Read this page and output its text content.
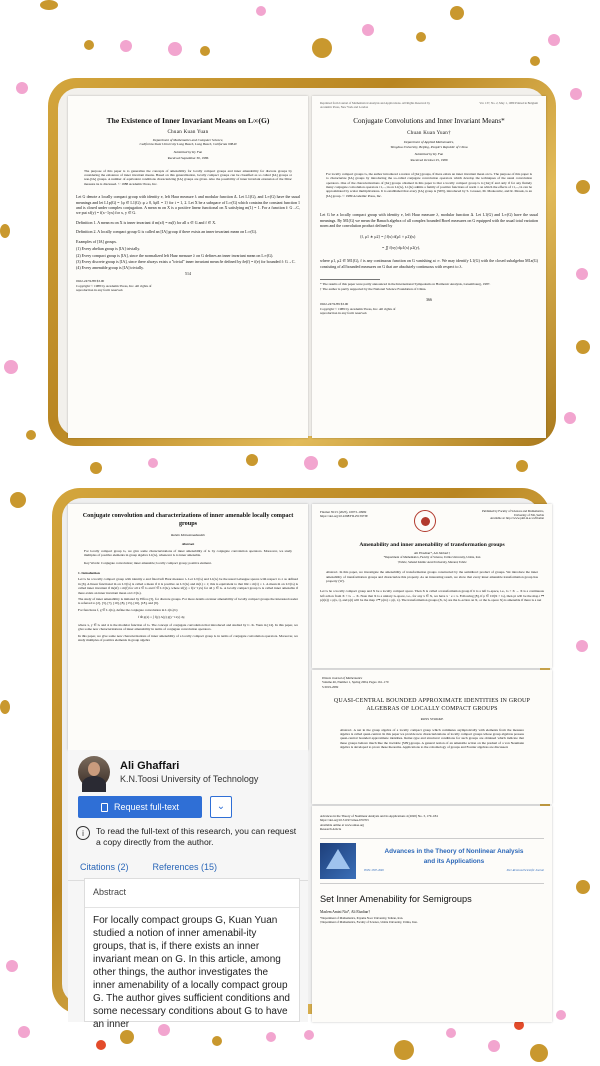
The Existence of Inner Invariant Means on L∞(G)
Chuan Kuan Yuan
Department of Mathematics and Computer Science,
California State University Long Beach, Long Beach, California 90840
Submitted by Ky Fan
Received September 30, 1986
The purpose of this paper is to generalize the concepts of amenability for locally compact groups and inner amenability for discrete groups by considering the existence of inner invariant means. Based on this generalization, locally compact groups can be classified as so called [IA] groups or non-[IA] groups. A number of equivalent conditions characterizing [IA] groups are given. Also the possibility of inner invariant extension of the Dirac measure δe is discussed. © 1988 Academic Press, Inc.
Let G denote a locally compact group with identity e, left Haar measure λ and modular function Δ. Let L1(G), and L∞(G) have the usual meanings and let L1p(G) = {φ ∈ L1(G): φ ≥ 0, ‖φ‖1 = 1} for i = 1, 2. Let X be a subspace of L∞(G) which contains the constant function 1 and is closed under complex conjugation. A mean m on X is a positive linear functional on X satisfying m(1) = 1. For a function f: G→C, we put xf(y) = f(x−1yx) for x, y ∈ G.
Definition 1. A mean m on X is inner invariant if m(xf) = m(f) for all x ∈ G and f ∈ X.
Definition 2. A locally compact group G is called an [IA] group if there exists an inner invariant mean on L∞(G).
Examples of [IA] groups.
(1) Every abelian group is [IA] trivially.
(2) Every compact group is [IA], since the normalized left Haar measure λ on G defines an inner invariant mean on L∞(G).
(3) Every discrete group is [IA], since there always exists a "trivial" inner invariant mean δe defined by δe(f) = f(e) for bounded f: G→C.
(4) Every amenable group is [IA] trivially.
514
0022-247X/88 $3.00
Copyright © 1988 by Academic Press, Inc. All rights of reproduction in any form reserved.
Reprinted from Journal of Mathematical Analysis and Applications. All Rights Reserved by Academic Press, New York and London
Vol. 137, No. 2, May 1, 1989 Printed in Belgium
Conjugate Convolutions and Inner Invariant Means*
Chuan Kuan Yuan†
Department of Applied Mathematics,
Tsinghua University, Beijing, People's Republic of China
Submitted by Ky Fan
Received October 25, 1989
For locally compact groups G, the author introduced a notion of [IA] groups, if there exists an inner invariant mean on G. The purpose of this paper is to characterize [IA] groups by introducing the so-called conjugate convolution operators which develop the techniques of the usual convolution operators. One of the characterizations of [IA] groups obtained in this paper is that a locally compact group G is [IA] if and only if for any finitely many conjugate convolution operators τ1,...,τn on L1(G), L1(G) admits a family of positive functions of norm 1 on which the effects of τ1,...,τn can be approximated by scalar multiplications. It is established that every [IA] group is [SIN], introduced by S. Grosser, M. Moskowitz, and R. Mosak, is an [IA] group. © 1989 Academic Press, Inc.
Let G be a locally compact group with identity e, left Haar measure λ, modular function Δ. Let L1(G) and L∞(G) have the usual meanings. By M1(G) we mean the Banach algebra of all complex bounded Borel measures on G equipped with the usual total variation norm and the convolution product defined by
⟨f, μ1 ∗ μ2⟩ = ∫ f(x) d(μ1 × μ2)(x)
= ∬ f(xy) dμ1(x) μ2(y),
where μ1, μ2 ∈ M1(G), f is any continuous function on G vanishing at ∞. We may identify L1(G) with the closed subalgebra M1a(G) consisting of all bounded measures on G that are absolutely continuous with respect to λ.
* The results of this paper were partly announced in the International Symposium on Harmonic Analysis, Luxembourg, 1987.
† The author is partly supported by the National Science Foundation of China.
366
0022-247X/89 $3.00
Copyright © 1989 by Academic Press, Inc. All rights of reproduction in any form reserved.
Conjugate convolution and characterizations of inner amenable locally compact groups
Rahim Mohammadzadeh
Abstract
For locally compact group G, we give some characterizations of inner amenability of G by conjugate convolution operators. Moreover, we study multiples of positive elements in group algebra L1(G), whenever G is inner amenable.
Key Words: Conjugate convolution; inner amenable; locally compact group; positive element.
1. Introduction
Let G be a locally compact group with identity e and fixed left Haar measure λ. Let L∞(G) and L1(G) be the usual Lebesgue spaces with respect to λ as defined in [6]. A linear functional m on L∞(G) is called a mean if it is positive on L∞(G) and m(1) = 1; this is equivalent to that ‖m‖ = m(1) = 1. A mean m on L∞(G) is called inner invariant if m(xf) = m(f) for all x ∈ G and f ∈ L∞(G), where xf(y) = f(x−1yx) for all y ∈ G. A locally compact group G is called inner amenable if there exists an inner invariant mean on L∞(G).
The study of inner amenability is initiated by Effros [5], for discrete groups. For more details on inner amenability of locally compact groups the interested reader is referred to [2], [3], [7], [10], [8], [13], [16], [18], and [9].
For functions f, g ∈ L1(G), define the conjugate convolution in L1(G) by
f ⊛ g(x) = ∫ f(y) Δ(y) g(y−1xy) dy,
where x, y ∈ G and Δ is the modular function of G. The concept of conjugate convolution that introduced and studied by C. K. Yuan in [14]. In this paper, we give some new characterizations of inner amenability in terms of conjugate convolution operators.
In this paper, we give some new characterizations of inner amenability of a locally compact group G in terms of conjugate convolution operators. Moreover, we study multiples of positive elements in group algebra
Ali Ghaffari
K.N.Toosi University of Technology
Request full-text	⌄
i	To read the full-text of this research, you can request a copy directly from the author.
Citations (2)	References (15)
Abstract
For locally compact groups G, Kuan Yuan studied a notion of inner amenabil-ity groups, that is, if there exists an inner invariant mean on G. In this article, among other things, the author investigates the inner amenability of a locally compact group G. The author gives sufficient conditions and some necessary conditions about G to have an inner
Filomat 39:15 (2025), 10973–10982
https://doi.org/10.2298/FIL2515973E
Published by Faculty of Sciences and Mathematics,
University of Niš, Serbia
Available at: http://www.pmf.ni.ac.rs/filomat
Amenability and inner amenability of transformation groups
Ali Ebadian*, Ali Jabbari†
*Department of Mathematics, Faculty of Science, Urmia University, Urmia, Iran
†Tabriz, Sahand Islamic Azad University, Marand, Tabriz
Abstract. In this paper, we investigate the amenability of transformation groups constructed by the semidirect product of groups. We introduce the inner amenability of transformation groups and characterize this property. As an interesting result, we show that every inner amenable transformation group has property (W).
Let G be a locally compact group and X be a locally compact space. Then X is called a transformation group if it is a left G-space, i.e., G × X → X is a continuous left action from X × G → X. Note that X is a unitary G-space, i.e., for any x ∈ X, we have x · e = x. Following [8], if p ∈ C0(X × G), then pt will be the map t ↦ p(t(x)) = p(x, t), and p(t) will be the map t ↦ p(tx) = p(t, x). The transformation groups (X, G) are the G-action on X, or the G-space X) is amenable if there is a net
Illinois Journal of Mathematics
Volume 46, Number 1, Spring 2004, Pages 161–170
S 0019-2082
QUASI-CENTRAL BOUNDED APPROXIMATE IDENTITIES IN GROUP ALGEBRAS OF LOCALLY COMPACT GROUPS
ROSS STOKKE
Abstract. A net in the group algebra of a locally compact group which commutes asymptotically with elements from the measure algebra is called quasi-central. In this paper we provide new characterizations of locally compact groups whose group algebras possess quasi-central bounded approximate identities. Reiter-type and structural conditions for such groups are obtained which indicate that these groups behave much like the tractable [SIN]-groups. A general notion of an amenable action on the predual of a von Neumann algebra is developed to prove these theorems. Applications to the cohomology of groups and Fourier algebras are discussed.
Advances in the Theory of Nonlinear Analysis and its Applications 4 (2020) No. 3, 179–184
https://doi.org/10.31197/atnaa.676763
Available online at www.atnaa.org
Research Article
Advances in the Theory of Nonlinear Analysis
and its Applications
ISSN: 2587-2648	Peer-Reviewed Scientific Journal
Set Inner Amenability for Semigroups
Maslem Amini Nia*, Ali Ebadian†
*Department of Mathematics, Payame Noor University, Tehran, Iran.
†Department of Mathematics, Faculty of Science, Urmia University, Urmia, Iran.
